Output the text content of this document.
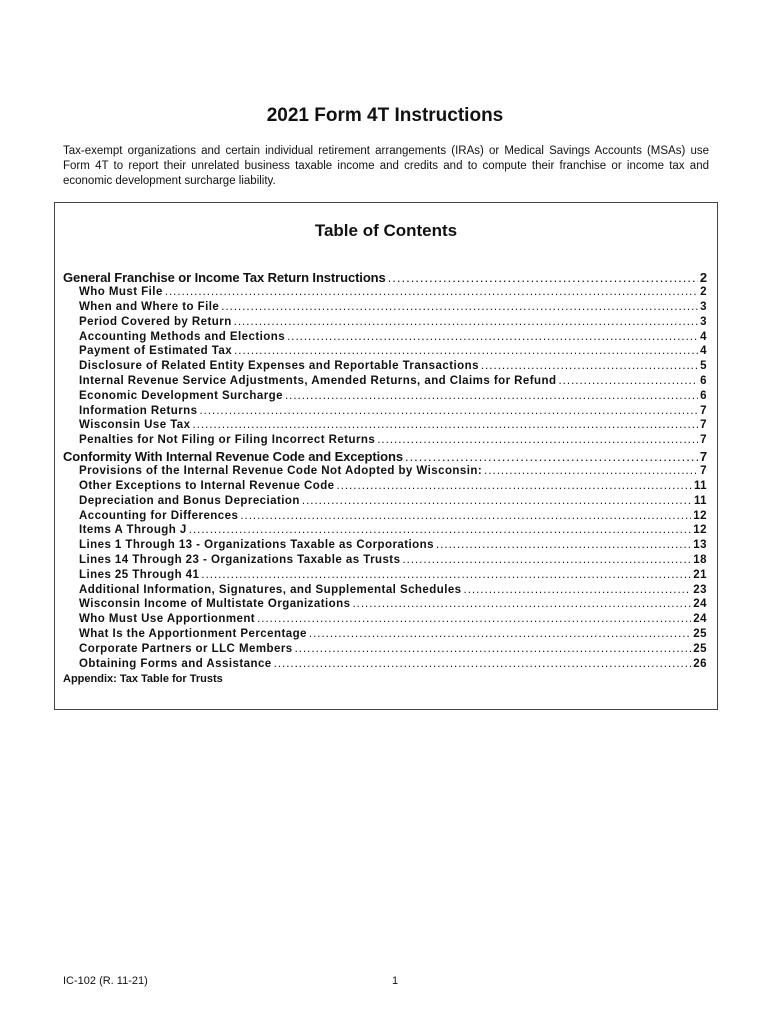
2021 Form 4T Instructions

Tax-exempt organizations and certain individual retirement arrangements (IRAs) or Medical Savings Accounts (MSAs) use Form 4T to report their unrelated business taxable income and credits and to compute their franchise or income tax and economic development surcharge liability.

Table of Contents
General Franchise or Income Tax Return Instructions .....	2
Who Must File .....	2
When and Where to File .....	3
Period Covered by Return .....	3
Accounting Methods and Elections .....	4
Payment of Estimated Tax .....	4
Disclosure of Related Entity Expenses and Reportable Transactions .....	5
Internal Revenue Service Adjustments, Amended Returns, and Claims for Refund .....	6
Economic Development Surcharge .....	6
Information Returns .....	7
Wisconsin Use Tax .....	7
Penalties for Not Filing or Filing Incorrect Returns .....	7
Conformity With Internal Revenue Code and Exceptions .....	7
Provisions of the Internal Revenue Code Not Adopted by Wisconsin: .....	7
Other Exceptions to Internal Revenue Code .....	11
Depreciation and Bonus Depreciation .....	11
Accounting for Differences .....	12
Items A Through J .....	12
Lines 1 Through 13 - Organizations Taxable as Corporations .....	13
Lines 14 Through 23 - Organizations Taxable as Trusts .....	18
Lines 25 Through 41 .....	21
Additional Information, Signatures, and Supplemental Schedules .....	23
Wisconsin Income of Multistate Organizations .....	24
Who Must Use Apportionment .....	24
What Is the Apportionment Percentage .....	25
Corporate Partners or LLC Members .....	25
Obtaining Forms and Assistance .....	26
Appendix: Tax Table for Trusts
IC-102 (R. 11-21)	1
